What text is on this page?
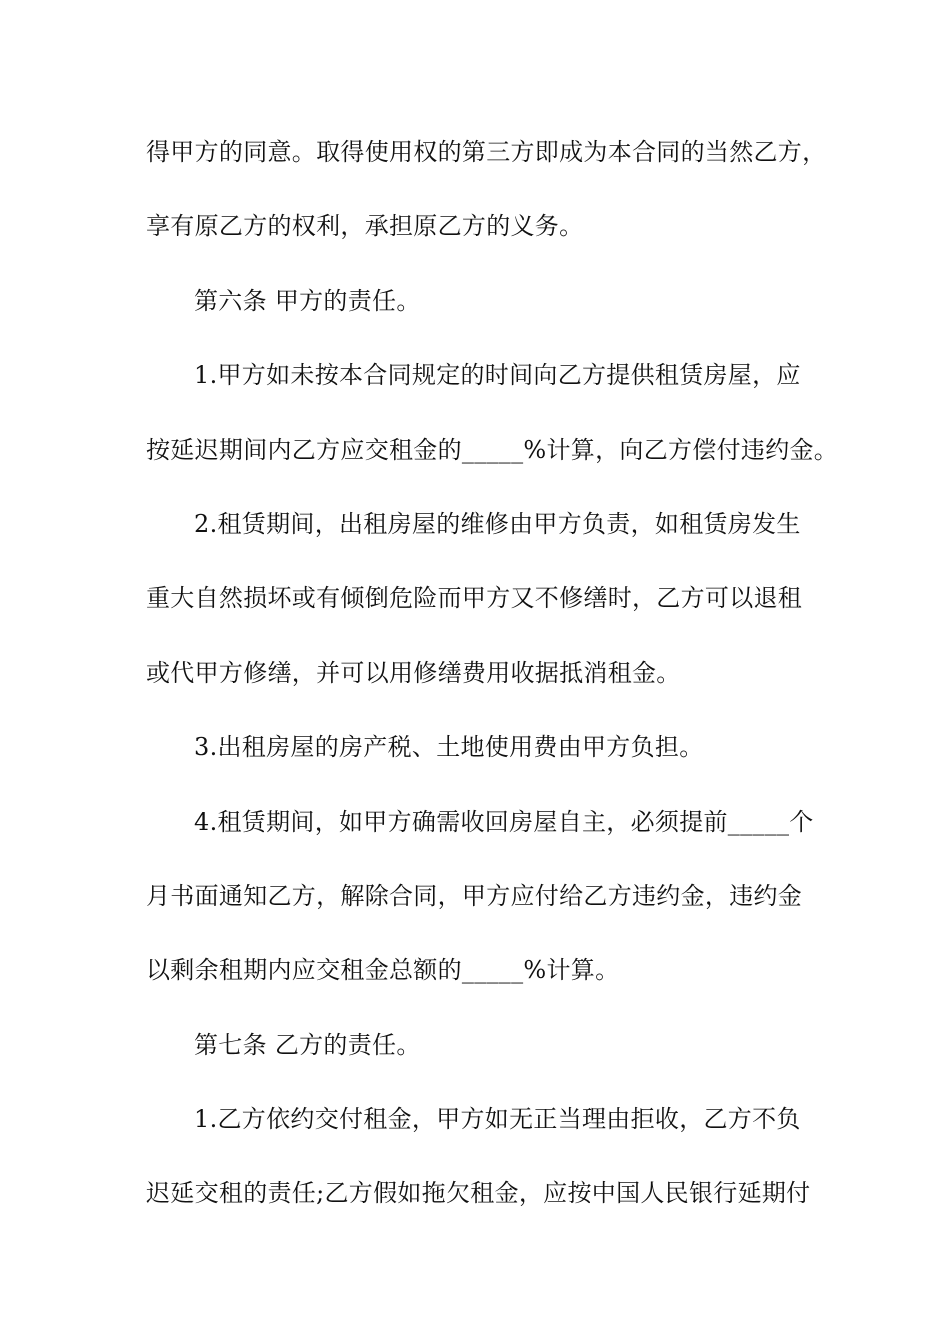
得甲方的同意。取得使用权的第三方即成为本合同的当然乙方，
享有原乙方的权利，承担原乙方的义务。
第六条 甲方的责任。
1.甲方如未按本合同规定的时间向乙方提供租赁房屋，应
按延迟期间内乙方应交租金的_____%计算，向乙方偿付违约金。
2.租赁期间，出租房屋的维修由甲方负责，如租赁房发生
重大自然损坏或有倾倒危险而甲方又不修缮时，乙方可以退租
或代甲方修缮，并可以用修缮费用收据抵消租金。
3.出租房屋的房产税、土地使用费由甲方负担。
4.租赁期间，如甲方确需收回房屋自主，必须提前_____个
月书面通知乙方，解除合同，甲方应付给乙方违约金，违约金
以剩余租期内应交租金总额的_____%计算。
第七条 乙方的责任。
1.乙方依约交付租金，甲方如无正当理由拒收，乙方不负
迟延交租的责任;乙方假如拖欠租金，应按中国人民银行延期付
